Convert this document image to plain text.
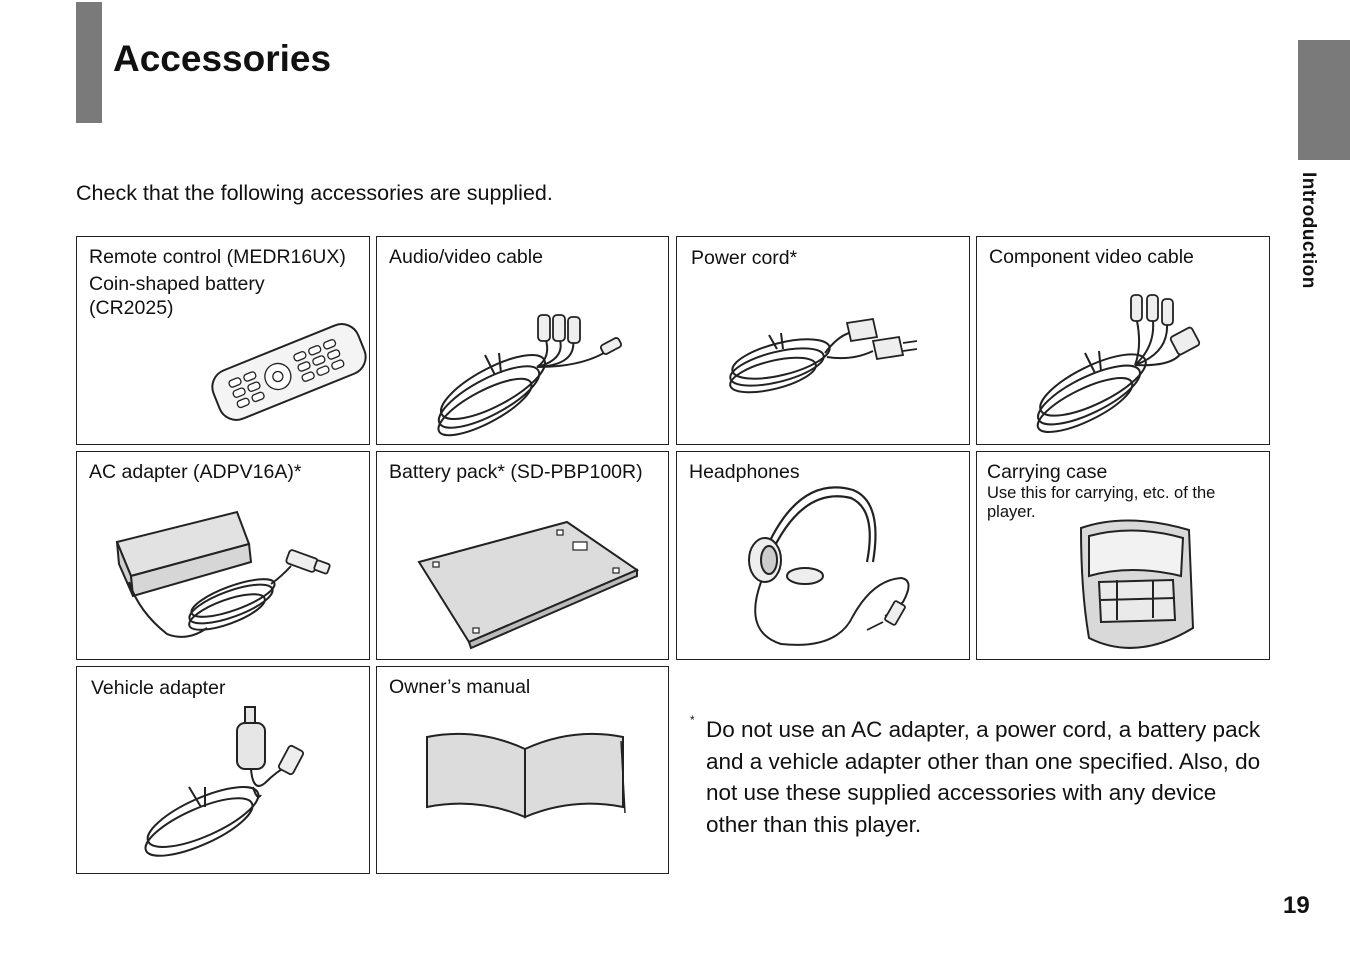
Accessories
Introduction
Check that the following accessories are supplied.
Remote control (MEDR16UX)
Coin-shaped battery (CR2025)
Audio/video cable	Power cord*	Component video cable
AC adapter (ADPV16A)*	Battery pack* (SD-PBP100R) Headphones	Carrying case
Use this for carrying, etc. of the player.
Vehicle adapter	Owner’s manual
* Do not use an AC adapter, a power cord, a battery pack and a vehicle adapter other than one specified. Also, do not use these supplied accessories with any device other than this player.
19
